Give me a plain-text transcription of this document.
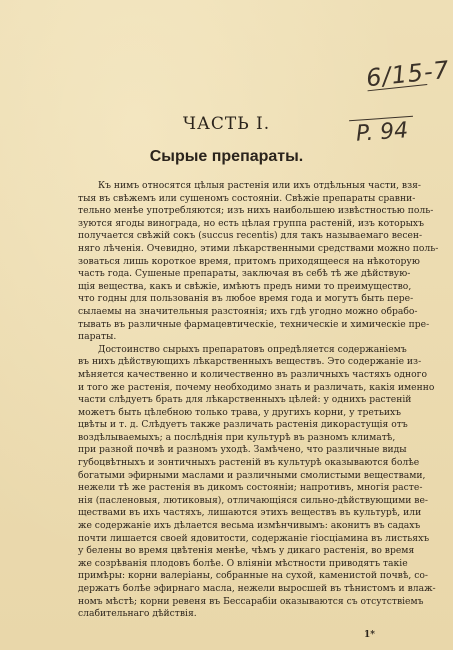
6/15-7
P. 94
ЧАСТЬ I.
Сырые препараты.
Къ нимъ относятся цѣлыя растенія или ихъ отдѣльныя части, взя-
тыя въ свѣжемъ или сушеномъ состояніи. Свѣжіе препараты сравни-
тельно менѣе употребляются; изъ нихъ наибольшею извѣстностью поль-
зуются ягоды винограда, но есть цѣлая группа растеній, изъ которыхъ
получается свѣжій сокъ (succus recentis) для такъ называемаго весен-
няго лѣченія. Очевидно, этими лѣкарственными средствами можно поль-
зоваться лишь короткое время, притомъ приходящееся на нѣкоторую
часть года. Сушеные препараты, заключая въ себѣ тѣ же дѣйствую-
щія вещества, какъ и свѣжіе, имѣютъ предъ ними то преимущество,
что годны для пользованія въ любое время года и могутъ быть пере-
сылаемы на значительныя разстоянія; ихъ гдѣ угодно можно обрабо-
тывать въ различные фармацевтическіе, техническіе и химическіе пре-
параты.
Достоинство сырыхъ препаратовъ опредѣляется содержаніемъ
въ нихъ дѣйствующихъ лѣкарственныхъ веществъ. Это содержаніе из-
мѣняется качественно и количественно въ различныхъ частяхъ одного
и того же растенія, почему необходимо знать и различать, какія именно
части слѣдуетъ брать для лѣкарственныхъ цѣлей: у однихъ растеній
можетъ быть цѣлебною только трава, у другихъ корни, у третьихъ
цвѣты и т. д. Слѣдуетъ также различать растенія дикорастущія отъ
воздѣлываемыхъ; а послѣднія при культурѣ въ разномъ климатѣ,
при разной почвѣ и разномъ уходѣ. Замѣчено, что различные виды
губоцвѣтныхъ и зонтичныхъ растеній въ культурѣ оказываются болѣе
богатыми эфирными маслами и различными смолистыми веществами,
нежели тѣ же растенія въ дикомъ состояніи; напротивъ, многія расте-
нія (пасленовыя, лютиковыя), отличающіяся сильно-дѣйствующими ве-
ществами въ ихъ частяхъ, лишаются этихъ веществъ въ культурѣ, или
же содержаніе ихъ дѣлается весьма измѣнчивымъ: аконитъ въ садахъ
почти лишается своей ядовитости, содержаніе гіосціамина въ листьяхъ
у белены во время цвѣтенія менѣе, чѣмъ у дикаго растенія, во время
же созрѣванія плодовъ болѣе. О вліяніи мѣстности приводятъ такіе
примѣры: корни валеріаны, собранные на сухой, каменистой почвѣ, со-
держатъ болѣе эфирнаго масла, нежели выросшей въ тѣнистомъ и влаж-
номъ мѣстѣ; корни ревеня въ Бессарабіи оказываются съ отсутствіемъ
слабительнаго дѣйствія.
1*
